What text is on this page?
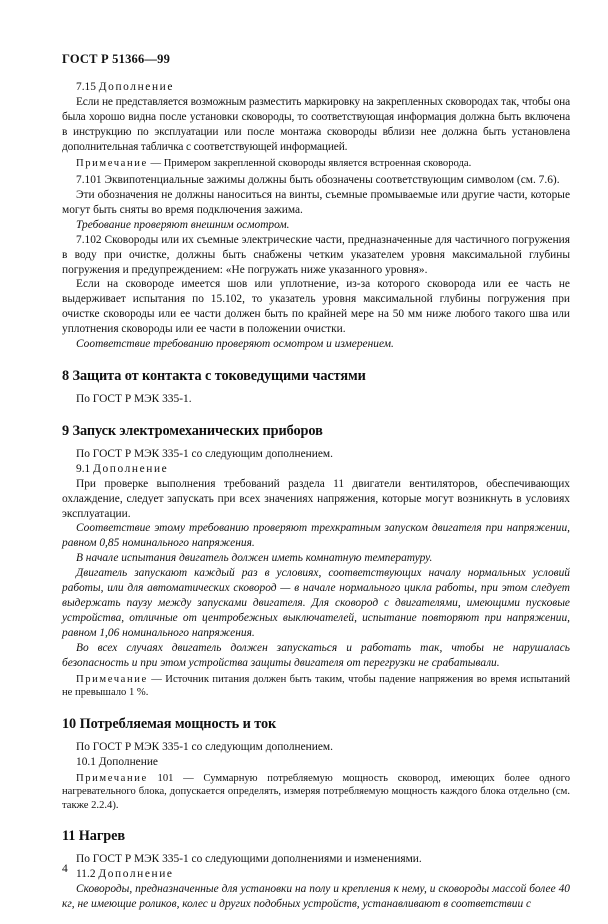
ГОСТ Р 51366—99

7.15 Дополнение

Если не представляется возможным разместить маркировку на закрепленных сковородах так, чтобы она была хорошо видна после установки сковороды, то соответствующая информация должна быть включена в инструкцию по эксплуатации или после монтажа сковороды вблизи нее должна быть установлена дополнительная табличка с соответствующей информацией.

Примечание — Примером закрепленной сковороды является встроенная сковорода.

7.101 Эквипотенциальные зажимы должны быть обозначены соответствующим символом (см. 7.6).

Эти обозначения не должны наноситься на винты, съемные промываемые или другие части, которые могут быть сняты во время подключения зажима.

Требование проверяют внешним осмотром.

7.102 Сковороды или их съемные электрические части, предназначенные для частичного погружения в воду при очистке, должны быть снабжены четким указателем уровня максимальной глубины погружения и предупреждением: «Не погружать ниже указанного уровня».

Если на сковороде имеется шов или уплотнение, из-за которого сковорода или ее часть не выдерживает испытания по 15.102, то указатель уровня максимальной глубины погружения при очистке сковороды или ее части должен быть по крайней мере на 50 мм ниже любого такого шва или уплотнения сковороды или ее части в положении очистки.

Соответствие требованию проверяют осмотром и измерением.

8 Защита от контакта с токоведущими частями

По ГОСТ Р МЭК 335-1.

9 Запуск электромеханических приборов

По ГОСТ Р МЭК 335-1 со следующим дополнением.

9.1 Дополнение

При проверке выполнения требований раздела 11 двигатели вентиляторов, обеспечивающих охлаждение, следует запускать при всех значениях напряжения, которые могут возникнуть в условиях эксплуатации.

Соответствие этому требованию проверяют трехкратным запуском двигателя при напряжении, равном 0,85 номинального напряжения.

В начале испытания двигатель должен иметь комнатную температуру.

Двигатель запускают каждый раз в условиях, соответствующих началу нормальных условий работы, или для автоматических сковород — в начале нормального цикла работы, при этом следует выдержать паузу между запусками двигателя. Для сковород с двигателями, имеющими пусковые устройства, отличные от центробежных выключателей, испытание повторяют при напряжении, равном 1,06 номинального напряжения.

Во всех случаях двигатель должен запускаться и работать так, чтобы не нарушалась безопасность и при этом устройства защиты двигателя от перегрузки не срабатывали.

Примечание — Источник питания должен быть таким, чтобы падение напряжения во время испытаний не превышало 1 %.

10 Потребляемая мощность и ток

По ГОСТ Р МЭК 335-1 со следующим дополнением.

10.1 Дополнение

Примечание 101 — Суммарную потребляемую мощность сковород, имеющих более одного нагревательного блока, допускается определять, измеряя потребляемую мощность каждого блока отдельно (см. также 2.2.4).

11 Нагрев

По ГОСТ Р МЭК 335-1 со следующими дополнениями и изменениями.

11.2 Дополнение

Сковороды, предназначенные для установки на полу и крепления к нему, и сковороды массой более 40 кг, не имеющие роликов, колес и других подобных устройств, устанавливают в соответствии с

4
